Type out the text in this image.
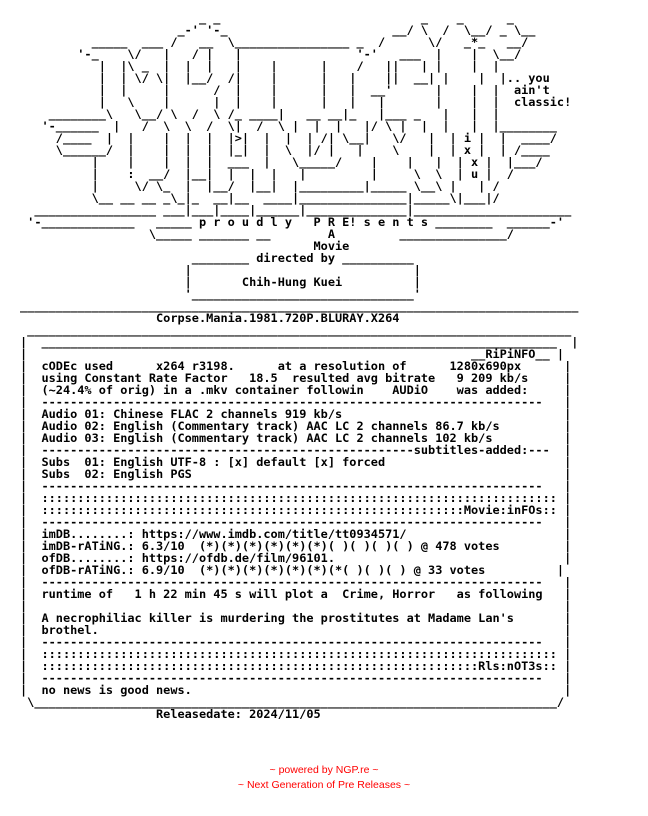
_ _                            _    _      _
_-' '-_                       __/ \  /  \__/ _ \__
_____  ___ /   __  \________________ _  /      \/   _*_   __/
'-_    \/   |   / |   |                '-'   ___  |    |  \__/
|  |\ _  |  |  |   |    |      |    /   ||   | |    |  |
|  | \/ \|  |__/  /|    |      |   |    ||  __| |    |  |.. you
|  |     |      /  |    |      |   |  __'      |    |  |  ain't
|   \    |      |  |    |      |   |   |       |    |  |  classic!
________\   \__/ \  /  \ /_ ____|   __ __|_   |___ _   |   |  |
'-______  |   /  \  \  /  \|  /  \ |  |  |   |/ \ |  |  |   |  |________
/____  |  |    |  |  |  |>|  |  |  | /| \__|   \/   |  | i |  |  ____/
\______/  |    |  |  |  |_|  |  \  |/ |   |    \    |  | x |  | /____
|    |    |  |  |  ___  |   \_____/    |    |   |  | x |  |___/
|    :  __/  |__|  |  |  |   |         |     \  \  | u |  /
|     \/ \_  |  |__/  |__|  |_________|_____ \__\ |   | /
\__ __ __ _\_|_  __|__  ____|_______________|_____\|___|/
_________________ ___|___|____|______|______________|______________________
'-_____________   _____ p r o u d l y   P R E! s e n t s ________  ______-'
\_____ _______ __        A         _______________/
Movie
________ directed by __________
|                               |
|       Chih-Hung Kuei          |
'_______________________________'
______________________________________________________________________________
Corpse.Mania.1981.720P.BLURAY.X264
____________________________________________________________________________
|  ________________________________________________________________________  |
|                                                              __RiPiNFO__ |
|  cODEc used      x264 r3198.      at a resolution of      1280x690px      |
|  using Constant Rate Factor   18.5  resulted avg bitrate   9 209 kb/s     |
|  (~24.4% of orig) in a .mkv container followin    AUDiO    was added:     |
|  ----------------------------------------------------------------------   |
|  Audio 01: Chinese FLAC 2 channels 919 kb/s                               |
|  Audio 02: English (Commentary track) AAC LC 2 channels 86.7 kb/s         |
|  Audio 03: English (Commentary track) AAC LC 2 channels 102 kb/s          |
|  ----------------------------------------------------subtitles-added:---  |
|  Subs  01: English UTF-8 : [x] default [x] forced                         |
|  Subs  02: English PGS                                                    |
|  ----------------------------------------------------------------------   |
|  :::::::::::::::::::::::::::::::::::::::::::::::::::::::::::::::::::::::: |
|  :::::::::::::::::::::::::::::::::::::::::::::::::::::::::::Movie:inFOs:: |
|  ----------------------------------------------------------------------   |
|  imDB........: https://www.imdb.com/title/tt0934571/                      |
|  imDB-rATiNG.: 6.3/10  (*)(*)(*)(*)(*)(*)( )( )( )( ) @ 478 votes         |
|  ofDB........: https://ofdb.de/film/96101.                                |
|  ofDB-rATiNG.: 6.9/10  (*)(*)(*)(*)(*)(*)(*( )( )( ) @ 33 votes          |
|  ----------------------------------------------------------------------   |
|  runtime of   1 h 22 min 45 s will plot a  Crime, Horror   as following   |
|                                                                           |
|  A necrophiliac killer is murdering the prostitutes at Madame Lan's       |
|  brothel.                                                                 |
|  ----------------------------------------------------------------------   |
|  :::::::::::::::::::::::::::::::::::::::::::::::::::::::::::::::::::::::: |
|  :::::::::::::::::::::::::::::::::::::::::::::::::::::::::::::Rls:nOT3s:: |
|  ----------------------------------------------------------------------   |
|  no news is good news.                                                    |
\_________________________________________________________________________/
Releasedate: 2024/11/05

~ powered by NGP.re ~
~ Next Generation of Pre Releases ~
